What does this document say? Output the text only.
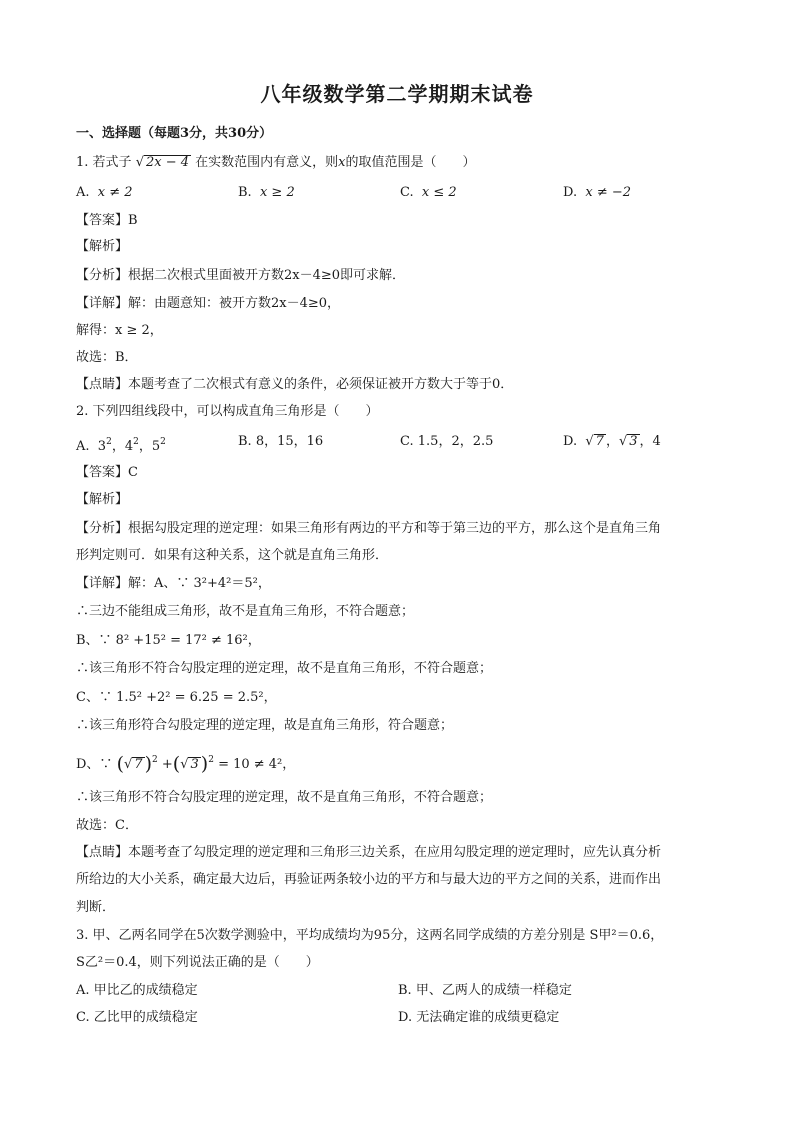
八年级数学第二学期期末试卷
一、选择题（每题3分，共30分）
1. 若式子 √ 2x − 4 在实数范围内有意义，则x的取值范围是（　　）
A. x ≠ 2	B. x ≥ 2	C. x ≤ 2	D. x ≠ −2
【答案】B
【解析】
【分析】根据二次根式里面被开方数2x－4≥0即可求解．
【详解】解：由题意知：被开方数2x－4≥0，
解得：x ≥ 2，
故选：B．
【点睛】本题考查了二次根式有意义的条件，必须保证被开方数大于等于0．
2. 下列四组线段中，可以构成直角三角形是（　　）
A. $3^2$，$4^2$，$5^2$	B. 8，15，16	C. 1.5，2，2.5	D. √ 7 ，√ 3 ，4
【答案】C
【解析】
【分析】根据勾股定理的逆定理：如果三角形有两边的平方和等于第三边的平方，那么这个是直角三角
形判定则可．如果有这种关系，这个就是直角三角形．
【详解】解：A、∵ 3²+4²＝5²，
∴三边不能组成三角形，故不是直角三角形，不符合题意；
B、∵ 8² +15² = 17² ≠ 16²，
∴该三角形不符合勾股定理的逆定理，故不是直角三角形，不符合题意；
C、∵ 1.5² +2² = 6.25 = 2.5²，
∴该三角形符合勾股定理的逆定理，故是直角三角形，符合题意；
D、∵ (√ 7 )$^2$ +(√ 3 )$^2$ = 10 ≠ 4²，
∴该三角形不符合勾股定理的逆定理，故不是直角三角形，不符合题意；
故选：C．
【点睛】本题考查了勾股定理的逆定理和三角形三边关系，在应用勾股定理的逆定理时，应先认真分析
所给边的大小关系，确定最大边后，再验证两条较小边的平方和与最大边的平方之间的关系，进而作出
判断．
3. 甲、乙两名同学在5次数学测验中，平均成绩均为95分，这两名同学成绩的方差分别是 S甲²＝0.6，
S乙²＝0.4，则下列说法正确的是（　　）
A. 甲比乙的成绩稳定	B. 甲、乙两人的成绩一样稳定
C. 乙比甲的成绩稳定	D. 无法确定谁的成绩更稳定
